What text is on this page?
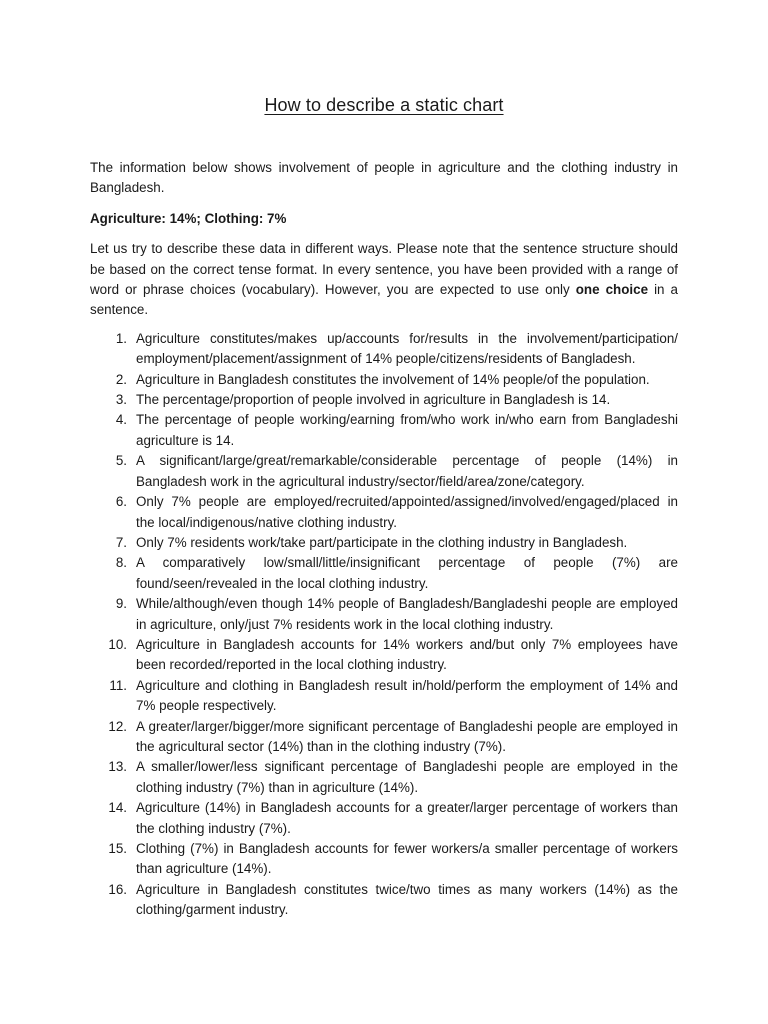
How to describe a static chart

The information below shows involvement of people in agriculture and the clothing industry in Bangladesh.

Agriculture: 14%; Clothing: 7%

Let us try to describe these data in different ways. Please note that the sentence structure should be based on the correct tense format. In every sentence, you have been provided with a range of word or phrase choices (vocabulary). However, you are expected to use only one choice in a sentence.

1. Agriculture constitutes/makes up/accounts for/results in the involvement/participation/ employment/placement/assignment of 14% people/citizens/residents of Bangladesh.
2. Agriculture in Bangladesh constitutes the involvement of 14% people/of the population.
3. The percentage/proportion of people involved in agriculture in Bangladesh is 14.
4. The percentage of people working/earning from/who work in/who earn from Bangladeshi agriculture is 14.
5. A significant/large/great/remarkable/considerable percentage of people (14%) in Bangladesh work in the agricultural industry/sector/field/area/zone/category.
6. Only 7% people are employed/recruited/appointed/assigned/involved/engaged/placed in the local/indigenous/native clothing industry.
7. Only 7% residents work/take part/participate in the clothing industry in Bangladesh.
8. A comparatively low/small/little/insignificant percentage of people (7%) are found/seen/revealed in the local clothing industry.
9. While/although/even though 14% people of Bangladesh/Bangladeshi people are employed in agriculture, only/just 7% residents work in the local clothing industry.
10. Agriculture in Bangladesh accounts for 14% workers and/but only 7% employees have been recorded/reported in the local clothing industry.
11. Agriculture and clothing in Bangladesh result in/hold/perform the employment of 14% and 7% people respectively.
12. A greater/larger/bigger/more significant percentage of Bangladeshi people are employed in the agricultural sector (14%) than in the clothing industry (7%).
13. A smaller/lower/less significant percentage of Bangladeshi people are employed in the clothing industry (7%) than in agriculture (14%).
14. Agriculture (14%) in Bangladesh accounts for a greater/larger percentage of workers than the clothing industry (7%).
15. Clothing (7%) in Bangladesh accounts for fewer workers/a smaller percentage of workers than agriculture (14%).
16. Agriculture in Bangladesh constitutes twice/two times as many workers (14%) as the clothing/garment industry.
